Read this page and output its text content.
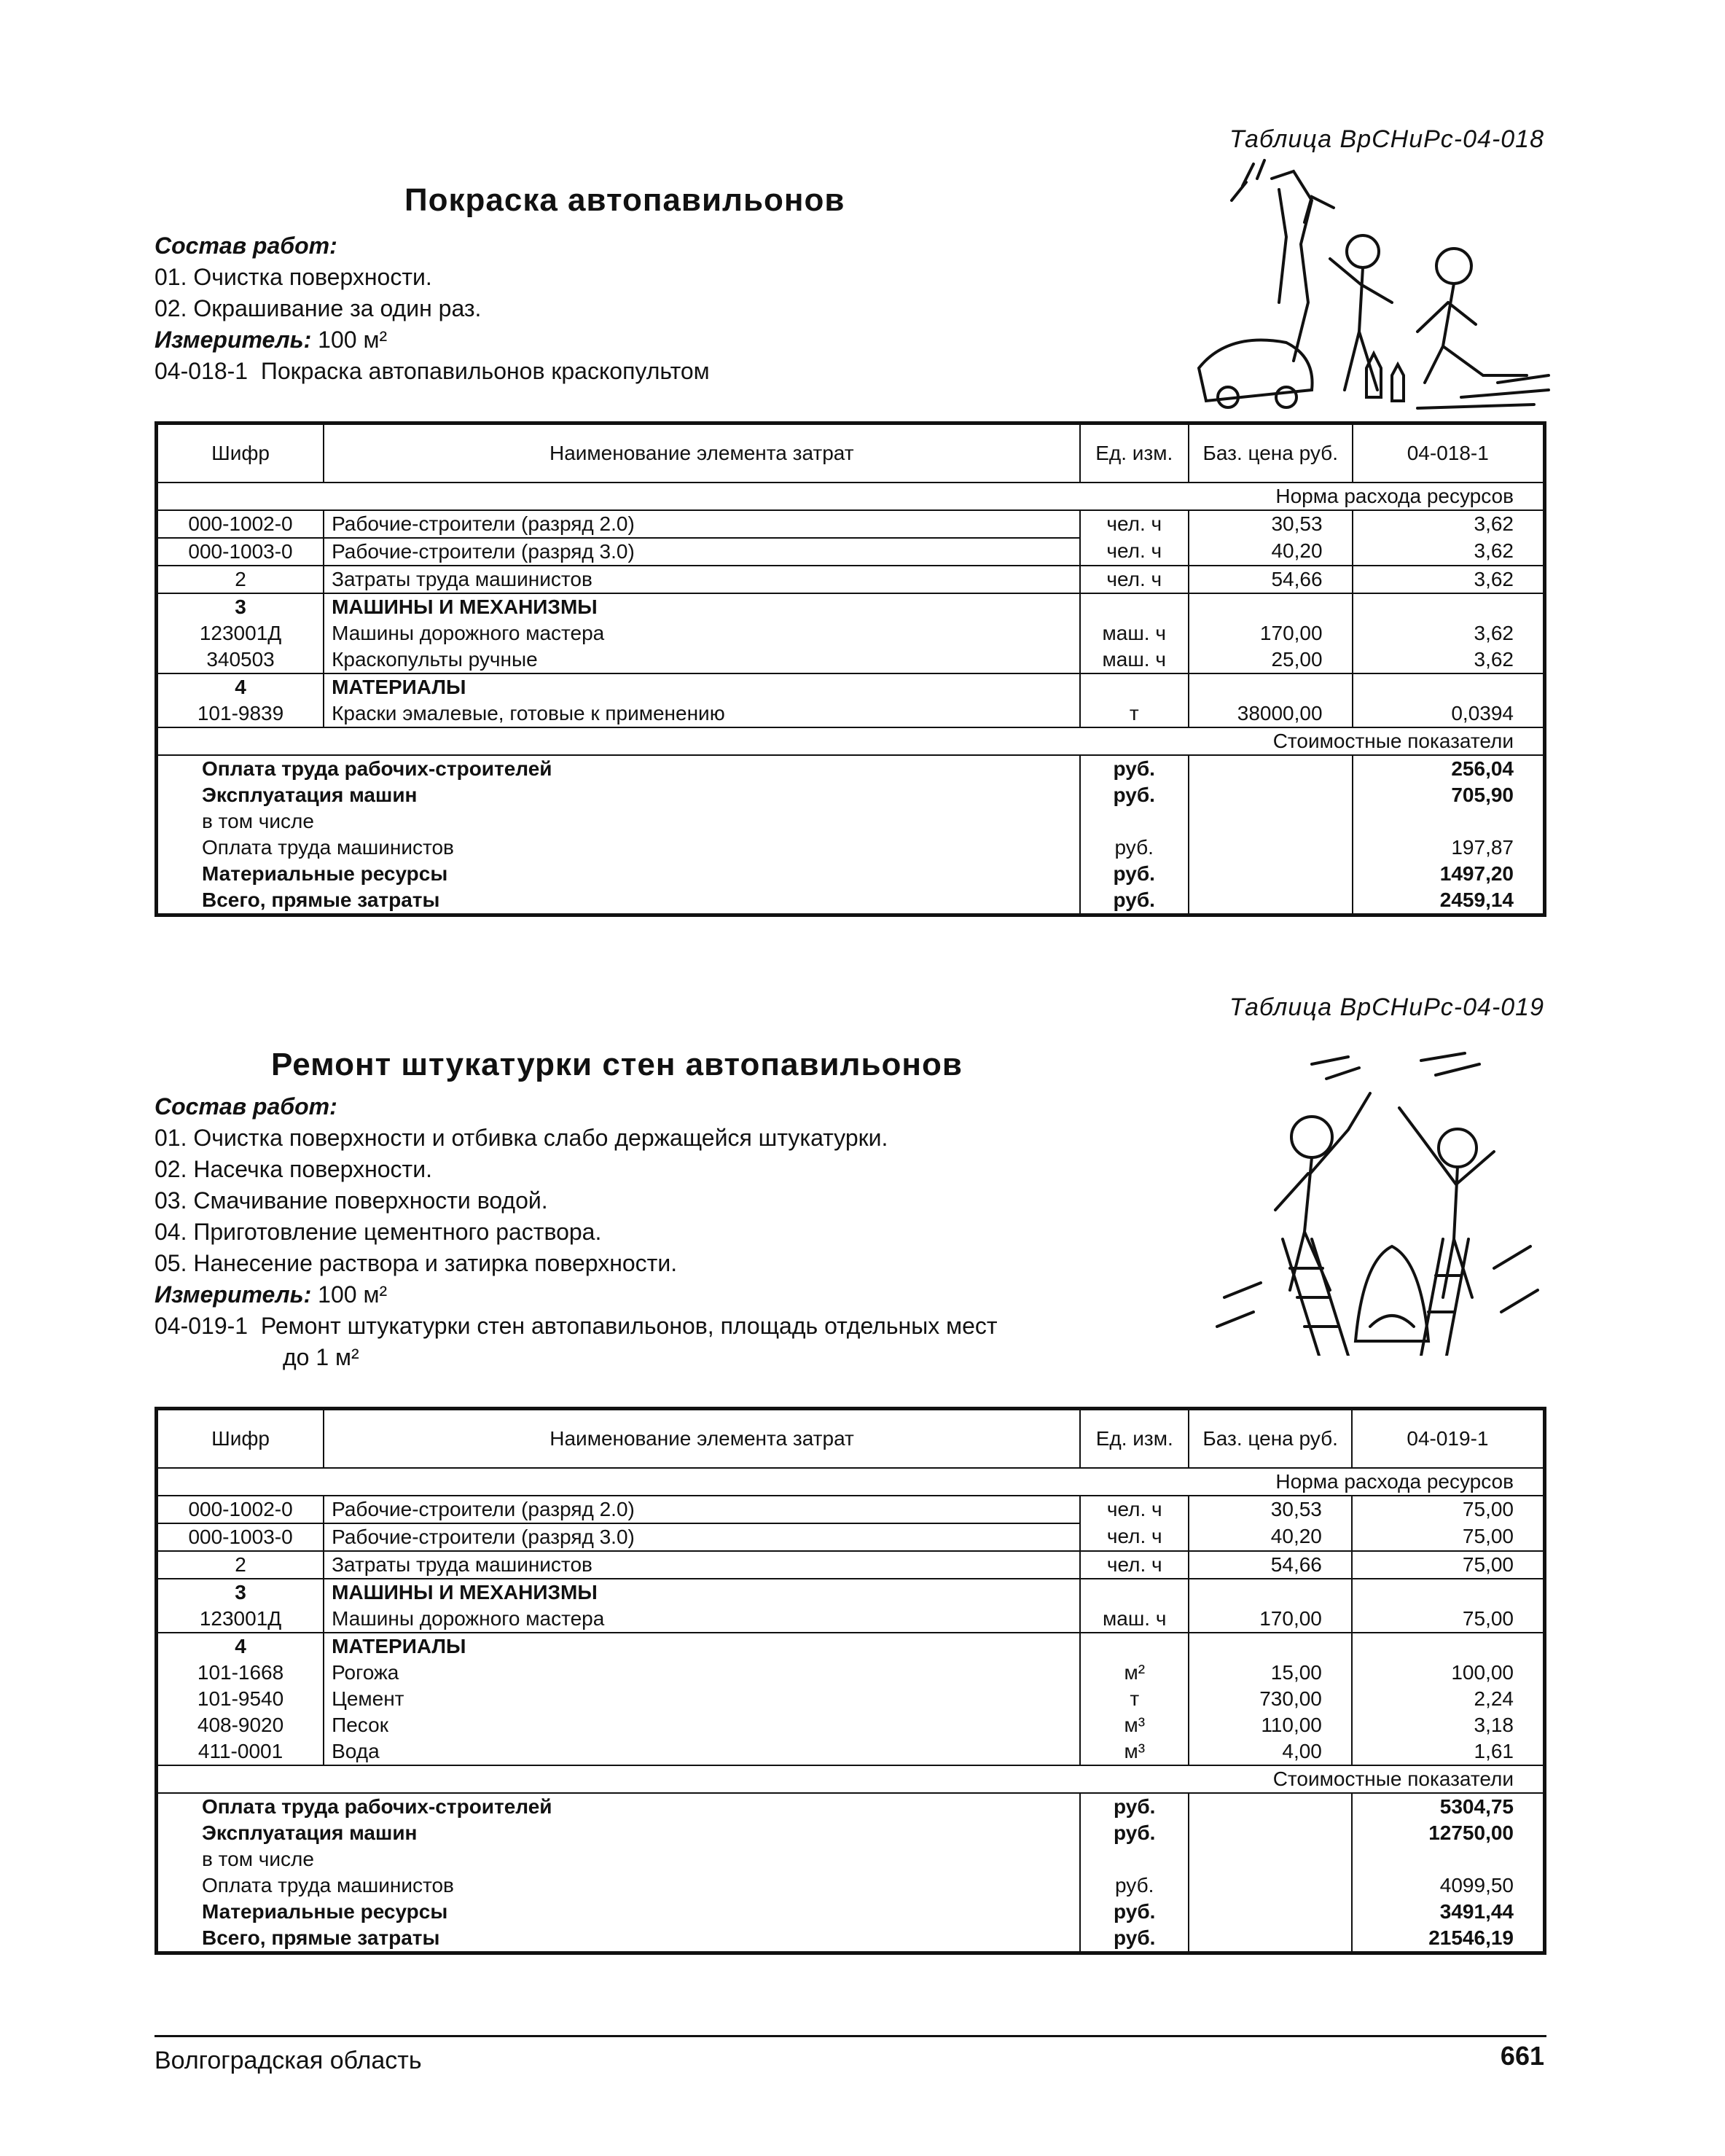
Таблица ВрСНиРс-04-018
Покраска автопавильонов
Состав работ:
01. Очистка поверхности.
02. Окрашивание за один раз.
Измеритель: 100 м²
04-018-1 Покраска автопавильонов краскопультом
Шифр	Наименование элемента затрат	Ед. изм.	Баз. цена руб.	04-018-1
Норма расхода ресурсов				
000-1002-0	Рабочие-строители (разряд 2.0)	чел. ч	30,53	3,62
000-1003-0	Рабочие-строители (разряд 3.0)	чел. ч	40,20	3,62
2	Затраты труда машинистов	чел. ч	54,66	3,62
3	МАШИНЫ И МЕХАНИЗМЫ			
123001Д	Машины дорожного мастера	маш. ч	170,00	3,62
340503	Краскопульты ручные	маш. ч	25,00	3,62
4	МАТЕРИАЛЫ			
101-9839	Краски эмалевые, готовые к применению	т	38000,00	0,0394
Стоимостные показатели				
Оплата труда рабочих-строителей		руб.		256,04
Эксплуатация машин		руб.		705,90
в том числе				
Оплата труда машинистов		руб.		197,87
Материальные ресурсы		руб.		1497,20
Всего, прямые затраты		руб.		2459,14
Таблица ВрСНиРс-04-019
Ремонт штукатурки стен автопавильонов
Состав работ:
01. Очистка поверхности и отбивка слабо держащейся штукатурки.
02. Насечка поверхности.
03. Смачивание поверхности водой.
04. Приготовление цементного раствора.
05. Нанесение раствора и затирка поверхности.
Измеритель: 100 м²
04-019-1 Ремонт штукатурки стен автопавильонов, площадь отдельных мест
до 1 м²
Шифр	Наименование элемента затрат	Ед. изм.	Баз. цена руб.	04-019-1
Норма расхода ресурсов				
000-1002-0	Рабочие-строители (разряд 2.0)	чел. ч	30,53	75,00
000-1003-0	Рабочие-строители (разряд 3.0)	чел. ч	40,20	75,00
2	Затраты труда машинистов	чел. ч	54,66	75,00
3	МАШИНЫ И МЕХАНИЗМЫ			
123001Д	Машины дорожного мастера	маш. ч	170,00	75,00
4	МАТЕРИАЛЫ			
101-1668	Рогожа	м²	15,00	100,00
101-9540	Цемент	т	730,00	2,24
408-9020	Песок	м³	110,00	3,18
411-0001	Вода	м³	4,00	1,61
Стоимостные показатели				
Оплата труда рабочих-строителей		руб.		5304,75
Эксплуатация машин		руб.		12750,00
в том числе				
Оплата труда машинистов		руб.		4099,50
Материальные ресурсы		руб.		3491,44
Всего, прямые затраты		руб.		21546,19
Волгоградская область	661
